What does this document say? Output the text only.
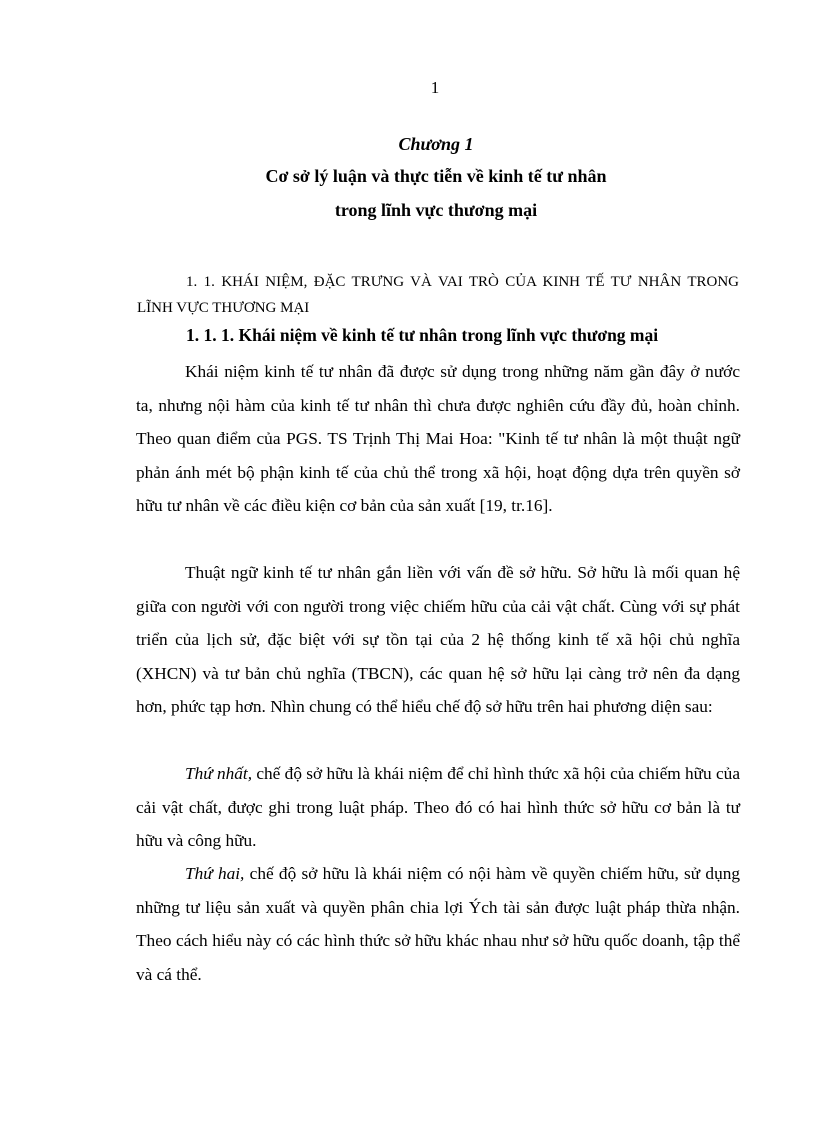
1
Chương 1
Cơ sở lý luận và thực tiễn về kinh tế tư nhân
trong lĩnh vực thương mại
1. 1. KHÁI NIỆM, ĐẶC TRƯNG VÀ VAI TRÒ CỦA KINH TẾ TƯ NHÂN TRONG LĨNH VỰC THƯƠNG MẠI
1. 1. 1. Khái niệm về kinh tế tư nhân trong lĩnh vực thương mại
Khái niệm kinh tế tư nhân đã được sử dụng trong những năm gần đây ở nước ta, nhưng nội hàm của kinh tế tư nhân thì chưa được nghiên cứu đầy đủ, hoàn chỉnh. Theo quan điểm của PGS. TS Trịnh Thị Mai Hoa: "Kinh tế tư nhân là một thuật ngữ phản ánh mét bộ phận kinh tế của chủ thể trong xã hội, hoạt động dựa trên quyền sở hữu tư nhân về các điều kiện cơ bản của sản xuất [19, tr.16].
Thuật ngữ kinh tế tư nhân gắn liền với vấn đề sở hữu. Sở hữu là mối quan hệ giữa con người với con người trong việc chiếm hữu của cải vật chất. Cùng với sự phát triển của lịch sử, đặc biệt với sự tồn tại của 2 hệ thống kinh tế xã hội chủ nghĩa (XHCN) và tư bản chủ nghĩa (TBCN), các quan hệ sở hữu lại càng trở nên đa dạng hơn, phức tạp hơn. Nhìn chung có thể hiểu chế độ sở hữu trên hai phương diện sau:
Thứ nhất, chế độ sở hữu là khái niệm để chỉ hình thức xã hội của chiếm hữu của cải vật chất, được ghi trong luật pháp. Theo đó có hai hình thức sở hữu cơ bản là tư hữu và công hữu.
Thứ hai, chế độ sở hữu là khái niệm có nội hàm về quyền chiếm hữu, sử dụng những tư liệu sản xuất và quyền phân chia lợi Ých tài sản được luật pháp thừa nhận. Theo cách hiểu này có các hình thức sở hữu khác nhau như sở hữu quốc doanh, tập thể và cá thể.
